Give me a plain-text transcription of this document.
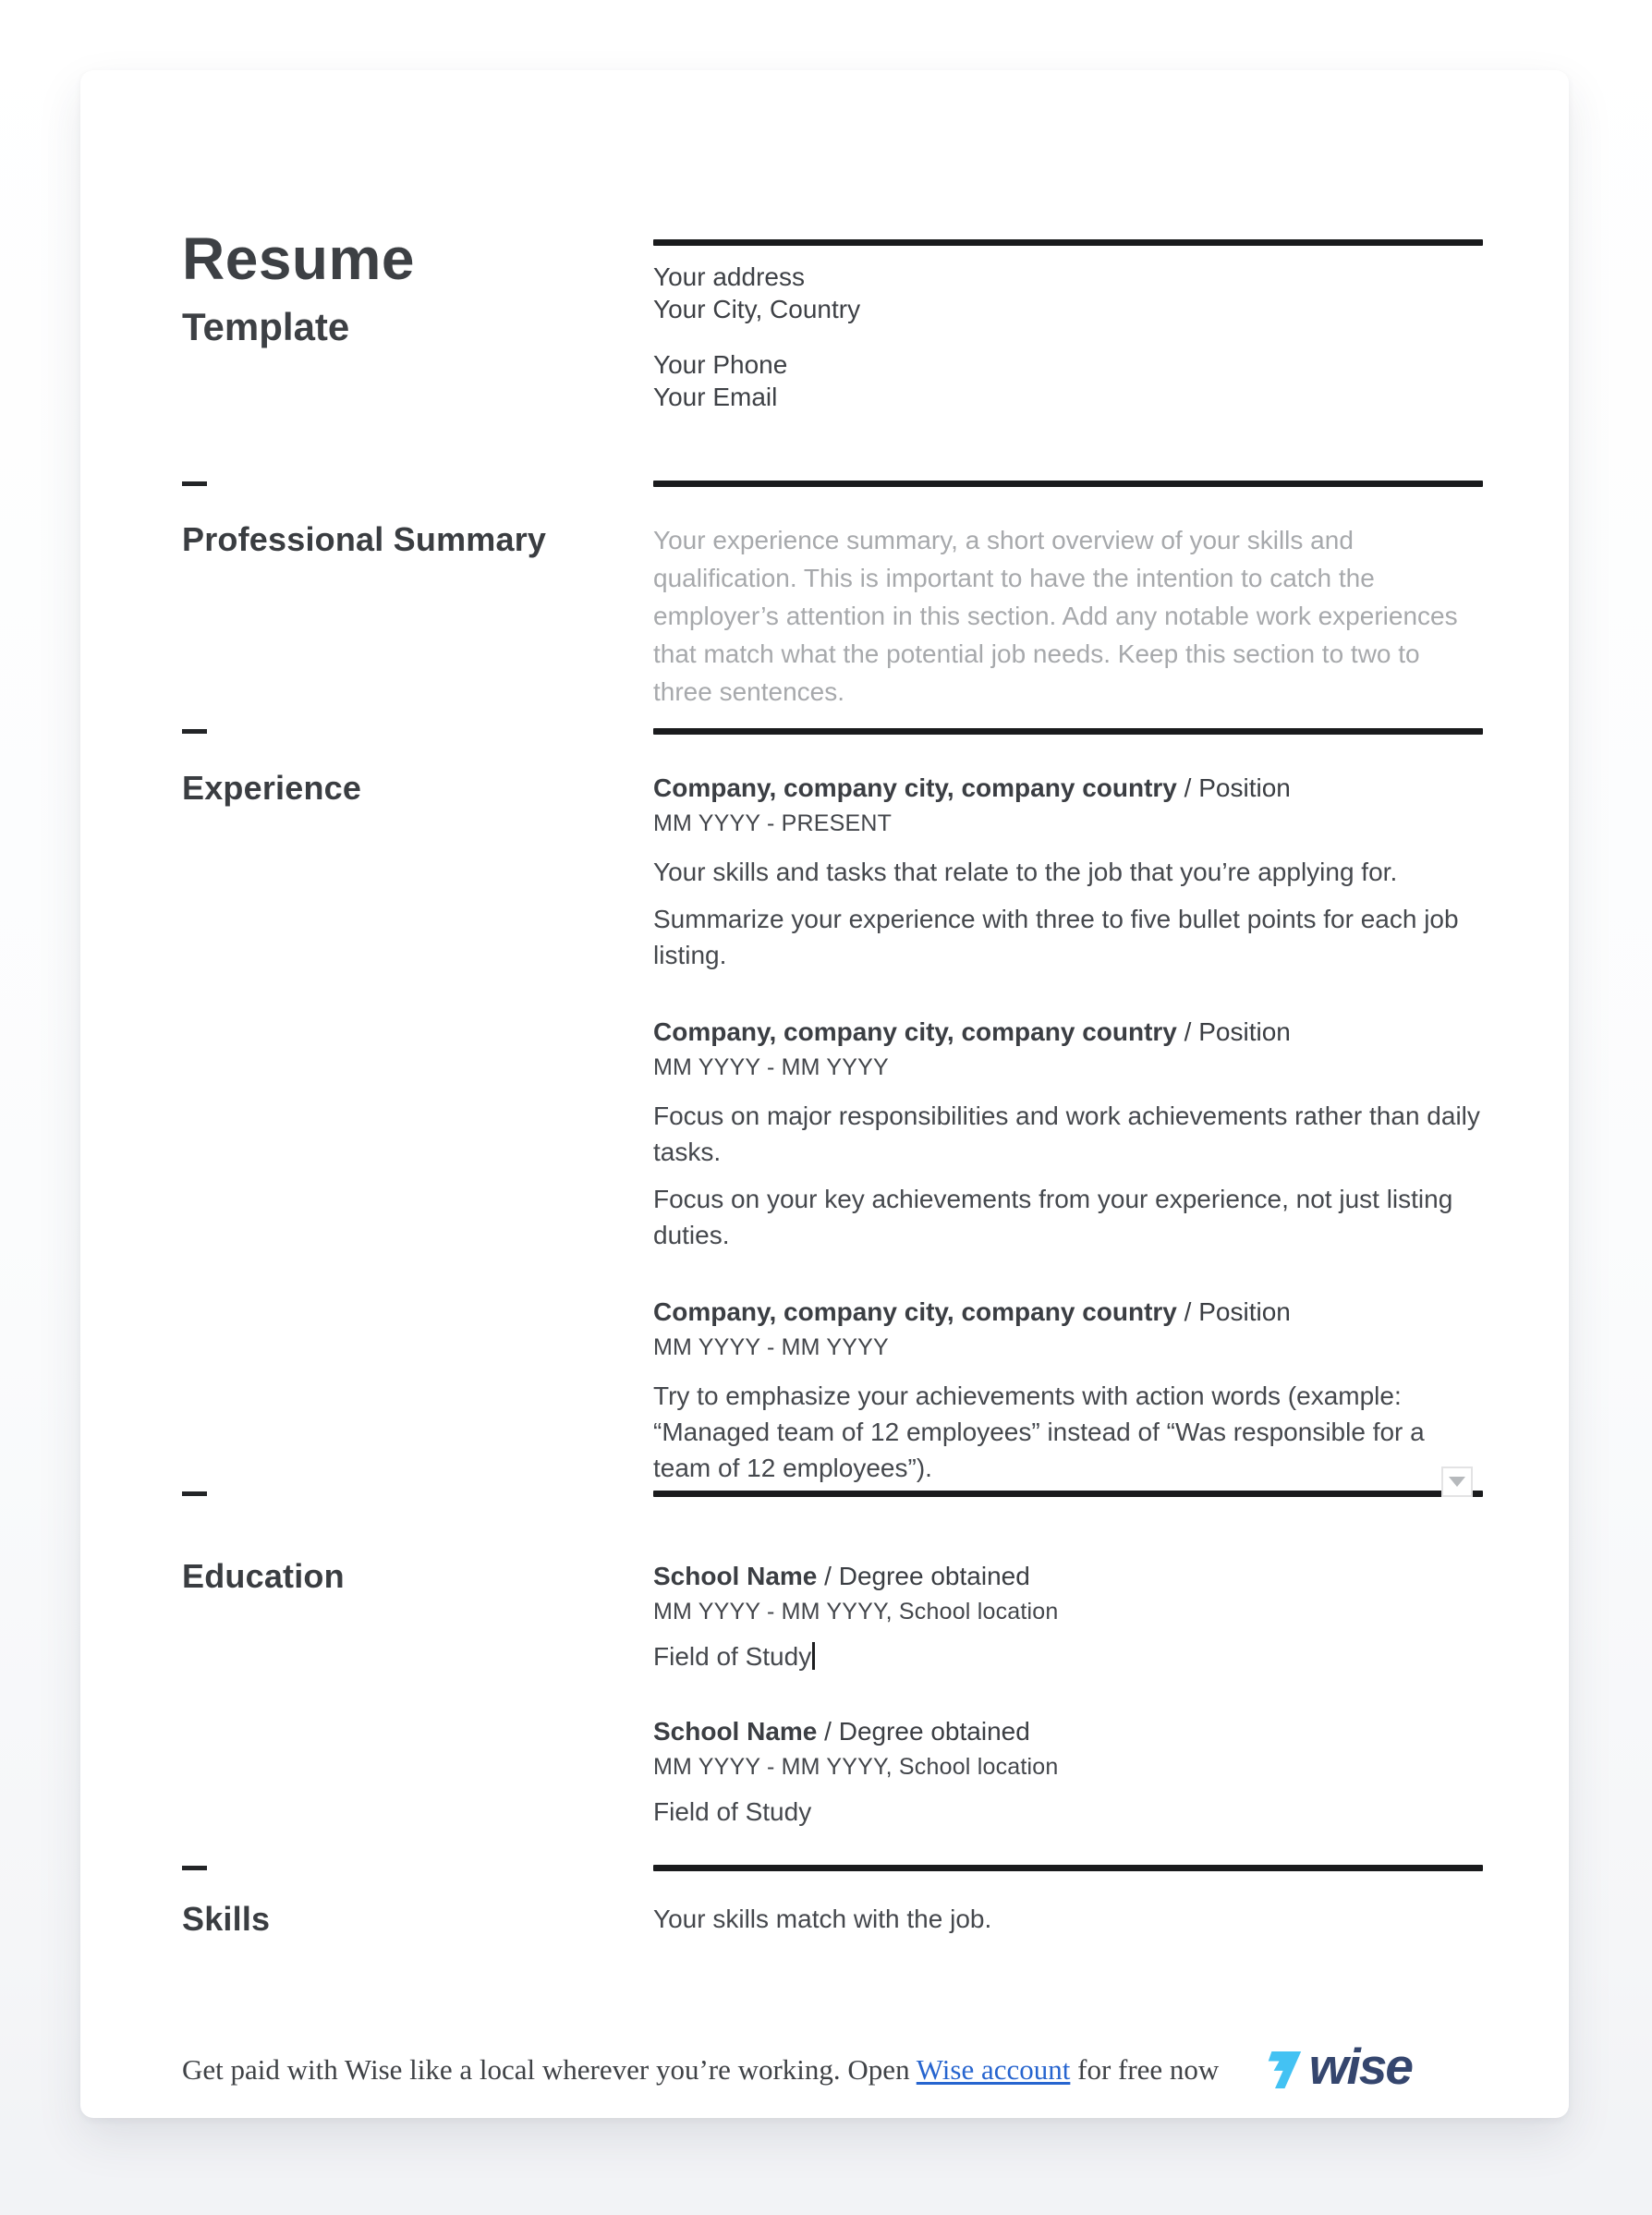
Resume
Template
Your address
Your City, Country
Your Phone
Your Email
Professional Summary	Your experience summary, a short overview of your skills and qualification. This is important to have the intention to catch the employer’s attention in this section. Add any notable work experiences that match what the potential job needs. Keep this section to two to three sentences.

Experience	Company, company city, company country / Position
MM YYYY - PRESENT

Your skills and tasks that relate to the job that you’re applying for.

Summarize your experience with three to five bullet points for each job listing.

Company, company city, company country / Position
MM YYYY - MM YYYY

Focus on major responsibilities and work achievements rather than daily tasks.

Focus on your key achievements from your experience, not just listing duties.

Company, company city, company country / Position
MM YYYY - MM YYYY

Try to emphasize your achievements with action words (example: “Managed team of 12 employees” instead of “Was responsible for a team of 12 employees”).

Education	School Name / Degree obtained
MM YYYY - MM YYYY, School location
Field of Study
School Name / Degree obtained
MM YYYY - MM YYYY, School location
Field of Study
Skills	Your skills match with the job.

Get paid with Wise like a local wherever you’re working. Open Wise account for free now wise
